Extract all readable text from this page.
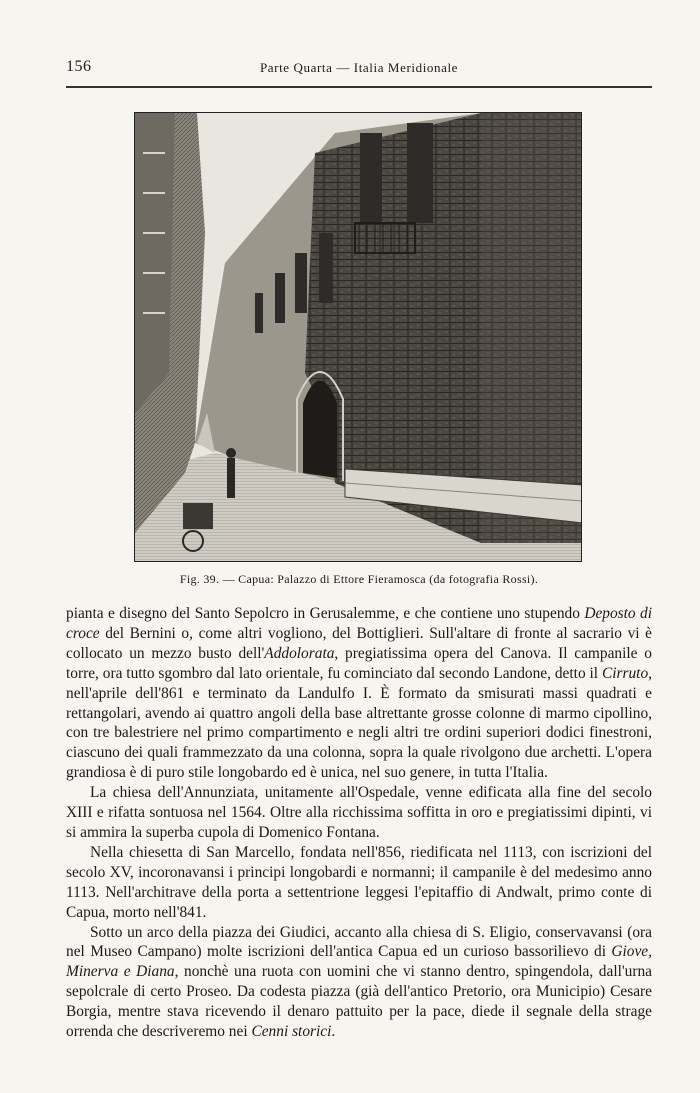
156	Parte Quarta — Italia Meridionale
Fig. 39. — Capua: Palazzo di Ettore Fieramosca (da fotografia Rossi).

pianta e disegno del Santo Sepolcro in Gerusalemme, e che contiene uno stupendo Deposto di croce del Bernini o, come altri vogliono, del Bottiglieri. Sull'altare di fronte al sacrario vi è collocato un mezzo busto dell'Addolorata, pregiatissima opera del Canova. Il campanile o torre, ora tutto sgombro dal lato orientale, fu cominciato dal secondo Landone, detto il Cirruto, nell'aprile dell'861 e terminato da Landulfo I. È formato da smisurati massi quadrati e rettangolari, avendo ai quattro angoli della base altrettante grosse colonne di marmo cipollino, con tre balestriere nel primo compartimento e negli altri tre ordini superiori dodici finestroni, ciascuno dei quali frammezzato da una colonna, sopra la quale rivolgono due archetti. L'opera grandiosa è di puro stile longobardo ed è unica, nel suo genere, in tutta l'Italia.

La chiesa dell'Annunziata, unitamente all'Ospedale, venne edificata alla fine del secolo XIII e rifatta sontuosa nel 1564. Oltre alla ricchissima soffitta in oro e pregiatissimi dipinti, vi si ammira la superba cupola di Domenico Fontana.

Nella chiesetta di San Marcello, fondata nell'856, riedificata nel 1113, con iscrizioni del secolo XV, incoronavansi i principi longobardi e normanni; il campanile è del medesimo anno 1113. Nell'architrave della porta a settentrione leggesi l'epitaffio di Andwalt, primo conte di Capua, morto nell'841.

Sotto un arco della piazza dei Giudici, accanto alla chiesa di S. Eligio, conservavansi (ora nel Museo Campano) molte iscrizioni dell'antica Capua ed un curioso bassorilievo di Giove, Minerva e Diana, nonchè una ruota con uomini che vi stanno dentro, spingendola, dall'urna sepolcrale di certo Proseo. Da codesta piazza (già dell'antico Pretorio, ora Municipio) Cesare Borgia, mentre stava ricevendo il denaro pattuito per la pace, diede il segnale della strage orrenda che descriveremo nei Cenni storici.
